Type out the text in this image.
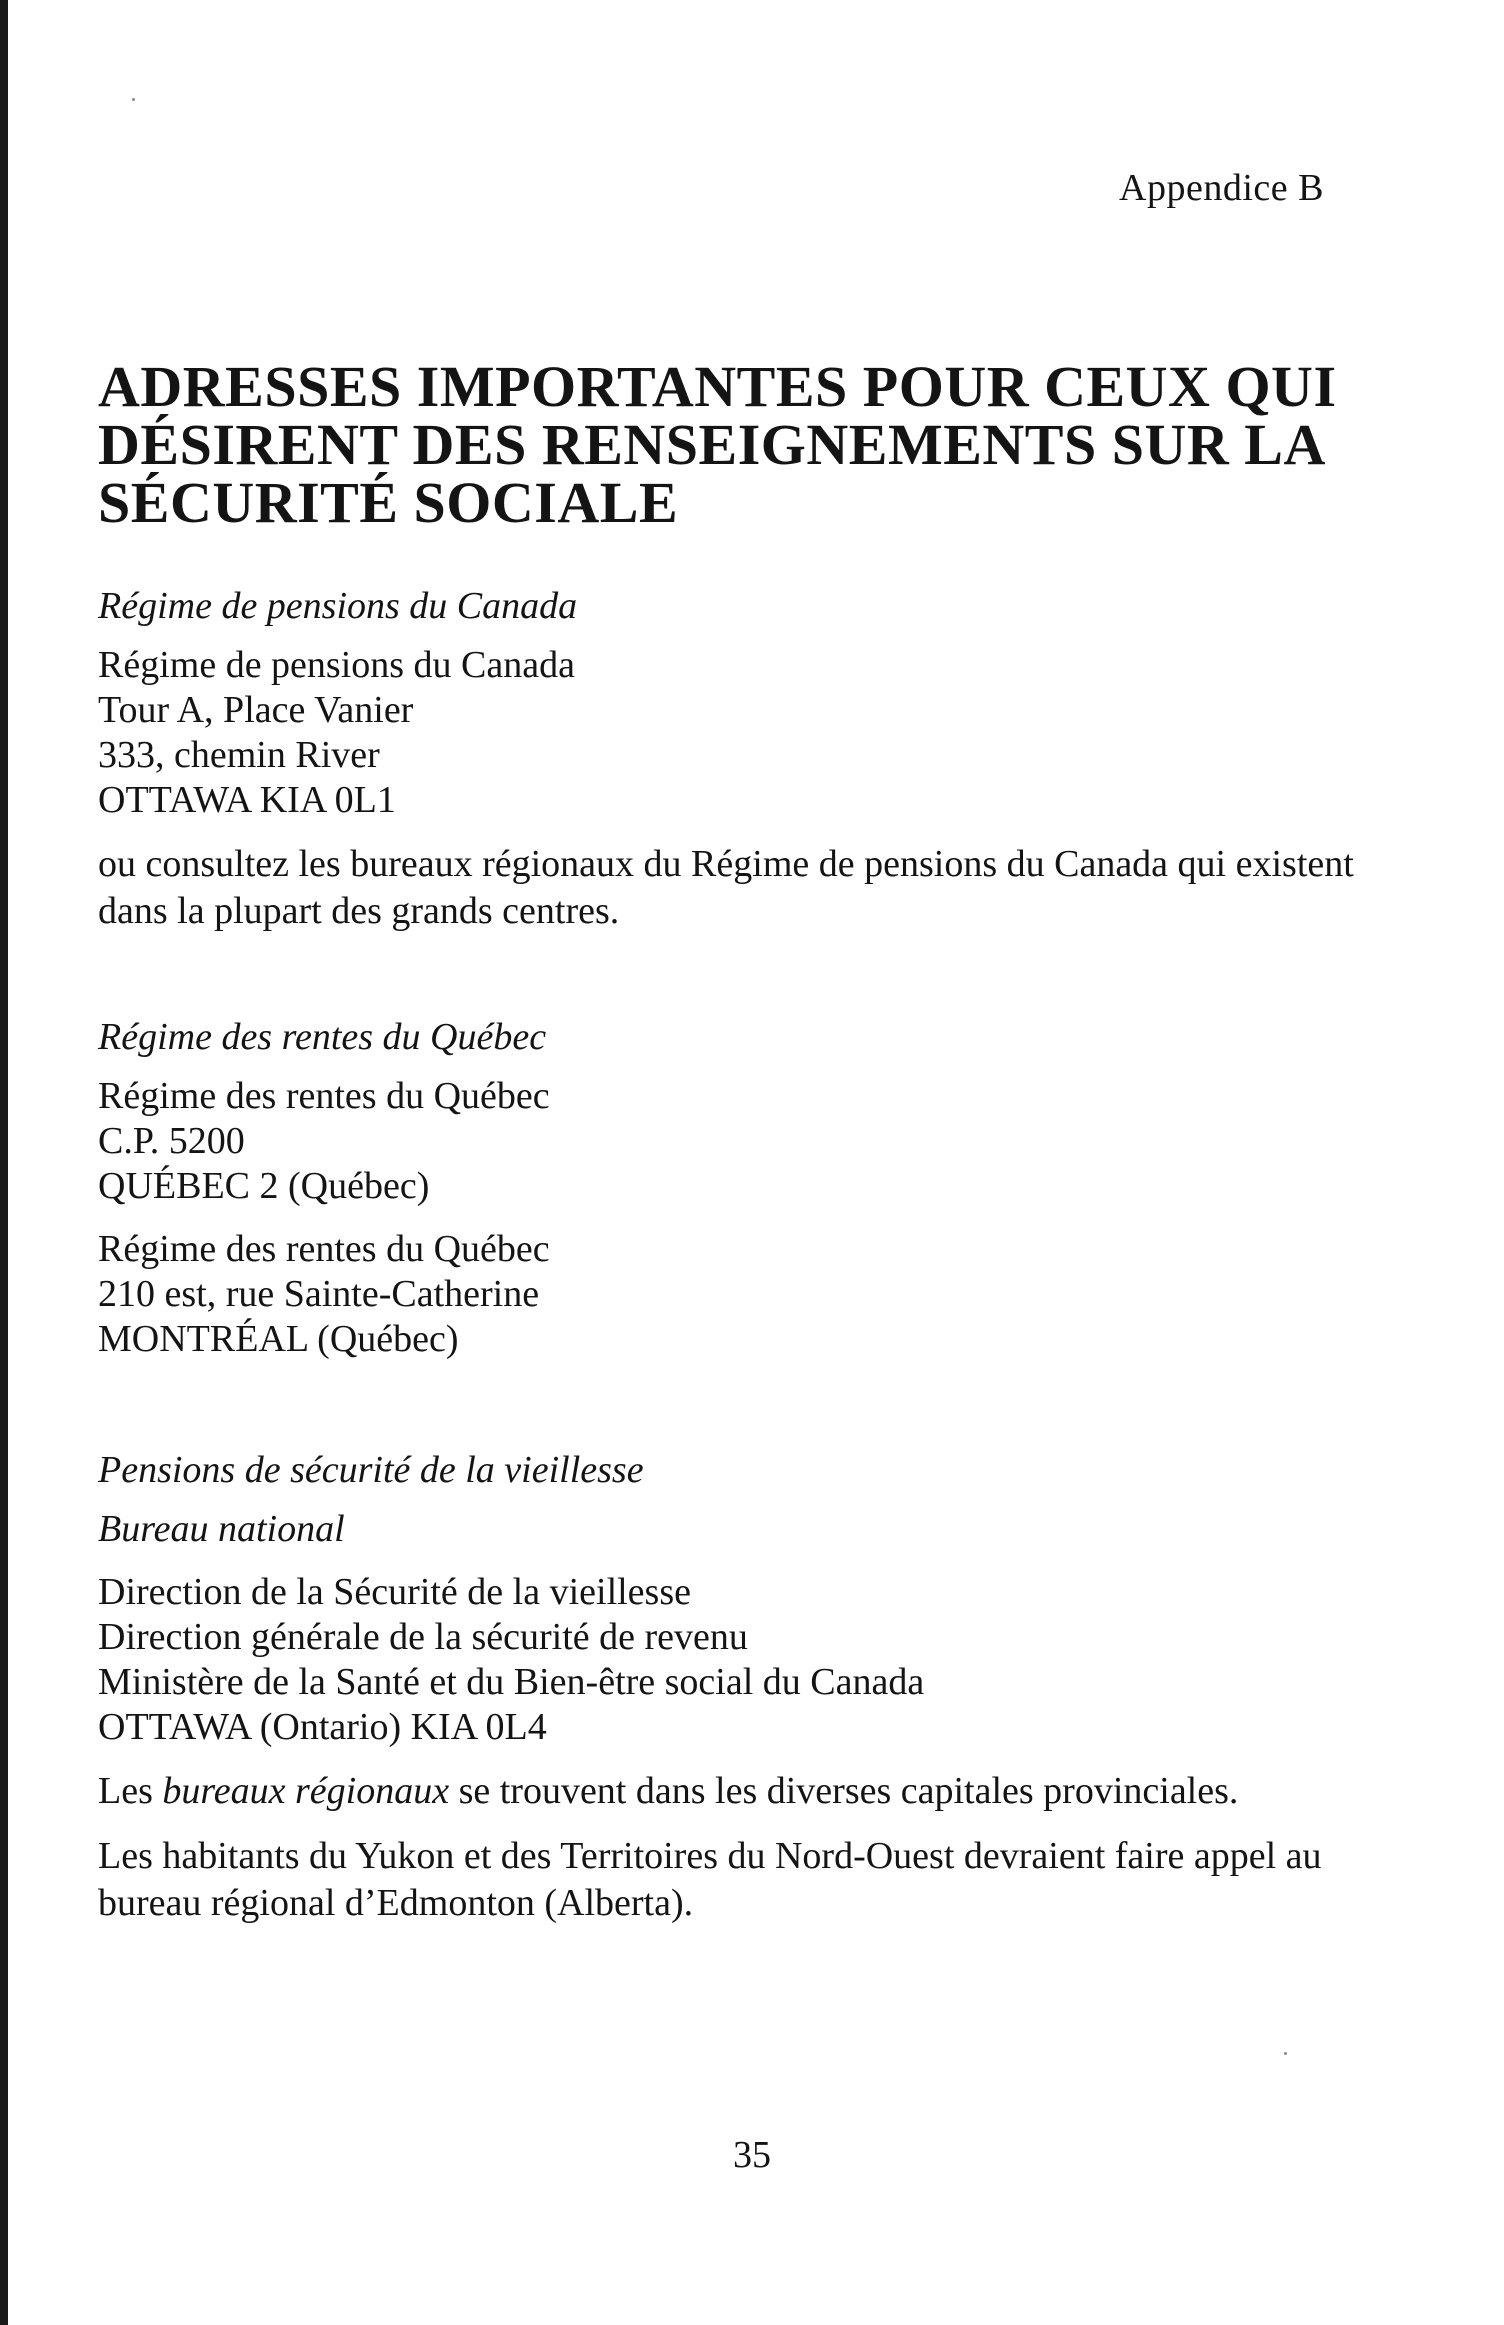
Appendice B
ADRESSES IMPORTANTES POUR CEUX QUI
DÉSIRENT DES RENSEIGNEMENTS SUR LA
SÉCURITÉ SOCIALE
Régime de pensions du Canada
Régime de pensions du Canada
Tour A, Place Vanier
333, chemin River
OTTAWA KIA 0L1
ou consultez les bureaux régionaux du Régime de pensions du Canada qui existent dans la plupart des grands centres.
Régime des rentes du Québec
Régime des rentes du Québec
C.P. 5200
QUÉBEC 2 (Québec)
Régime des rentes du Québec
210 est, rue Sainte-Catherine
MONTRÉAL (Québec)
Pensions de sécurité de la vieillesse
Bureau national
Direction de la Sécurité de la vieillesse
Direction générale de la sécurité de revenu
Ministère de la Santé et du Bien-être social du Canada
OTTAWA (Ontario) KIA 0L4
Les bureaux régionaux se trouvent dans les diverses capitales provinciales.
Les habitants du Yukon et des Territoires du Nord-Ouest devraient faire appel au bureau régional d’Edmonton (Alberta).
35
